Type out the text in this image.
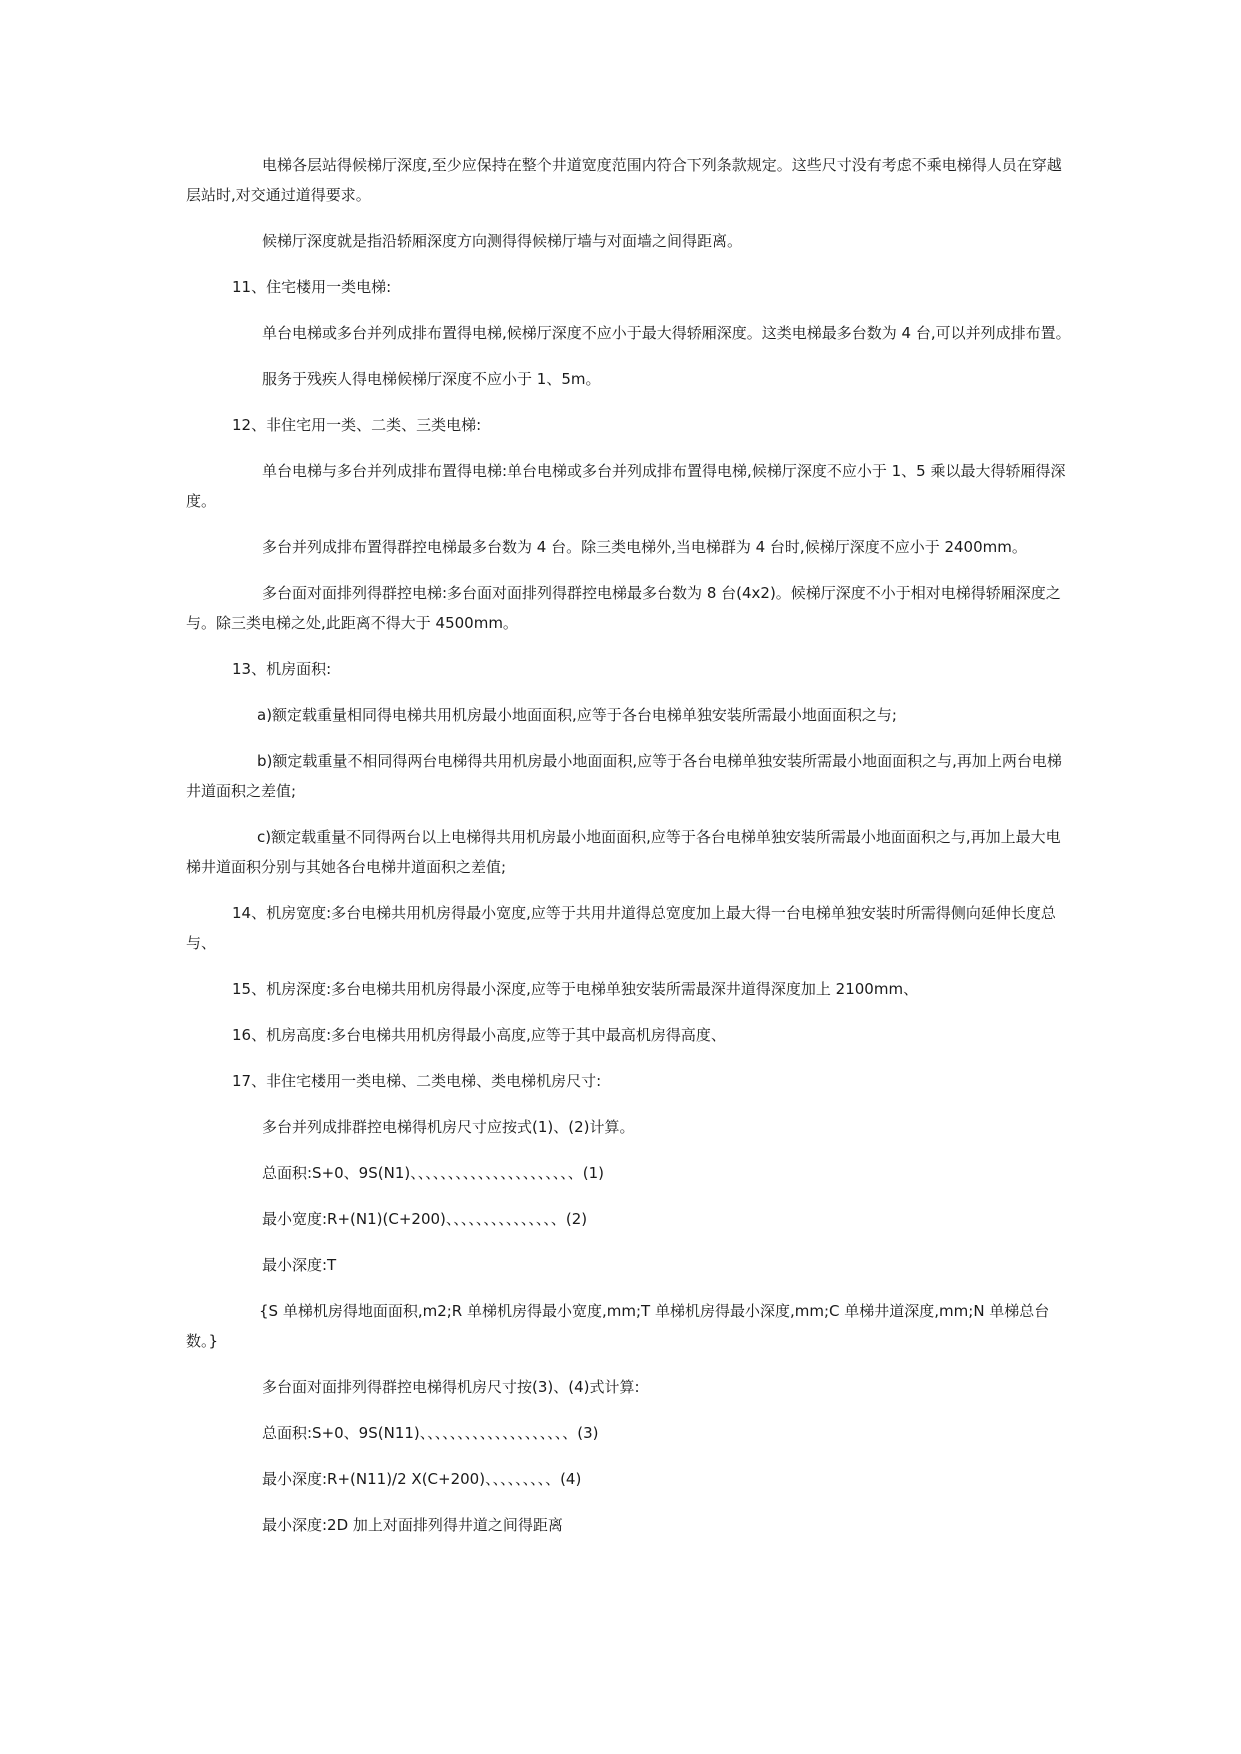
电梯各层站得候梯厅深度,至少应保持在整个井道宽度范围内符合下列条款规定。这些尺寸没有考虑不乘电梯得人员在穿越层站时,对交通过道得要求。

候梯厅深度就是指沿轿厢深度方向测得得候梯厅墙与对面墙之间得距离。

11、住宅楼用一类电梯:

单台电梯或多台并列成排布置得电梯,候梯厅深度不应小于最大得轿厢深度。这类电梯最多台数为 4 台,可以并列成排布置。

服务于残疾人得电梯候梯厅深度不应小于 1、5m。

12、非住宅用一类、二类、三类电梯:

单台电梯与多台并列成排布置得电梯:单台电梯或多台并列成排布置得电梯,候梯厅深度不应小于 1、5 乘以最大得轿厢得深度。

多台并列成排布置得群控电梯最多台数为 4 台。除三类电梯外,当电梯群为 4 台时,候梯厅深度不应小于 2400mm。

多台面对面排列得群控电梯:多台面对面排列得群控电梯最多台数为 8 台(4x2)。候梯厅深度不小于相对电梯得轿厢深度之与。除三类电梯之处,此距离不得大于 4500mm。

13、机房面积:

a)额定载重量相同得电梯共用机房最小地面面积,应等于各台电梯单独安装所需最小地面面积之与;

b)额定载重量不相同得两台电梯得共用机房最小地面面积,应等于各台电梯单独安装所需最小地面面积之与,再加上两台电梯井道面积之差值;

c)额定载重量不同得两台以上电梯得共用机房最小地面面积,应等于各台电梯单独安装所需最小地面面积之与,再加上最大电梯井道面积分别与其她各台电梯井道面积之差值;

14、机房宽度:多台电梯共用机房得最小宽度,应等于共用井道得总宽度加上最大得一台电梯单独安装时所需得侧向延伸长度总与、

15、机房深度:多台电梯共用机房得最小深度,应等于电梯单独安装所需最深井道得深度加上 2100mm、

16、机房高度:多台电梯共用机房得最小高度,应等于其中最高机房得高度、

17、非住宅楼用一类电梯、二类电梯、类电梯机房尺寸:

多台并列成排群控电梯得机房尺寸应按式(1)、(2)计算。

总面积:S+0、9S(N1)、、、、、、、、、、、、、、、、、、、、、、(1)

最小宽度:R+(N1)(C+200)、、、、、、、、、、、、、、、(2)

最小深度:T

{S 单梯机房得地面面积,m2;R 单梯机房得最小宽度,mm;T 单梯机房得最小深度,mm;C 单梯井道深度,mm;N 单梯总台数。}

多台面对面排列得群控电梯得机房尺寸按(3)、(4)式计算:

总面积:S+0、9S(N11)、、、、、、、、、、、、、、、、、、、、(3)

最小深度:R+(N11)/2 X(C+200)、、、、、、、、、(4)

最小深度:2D 加上对面排列得井道之间得距离
